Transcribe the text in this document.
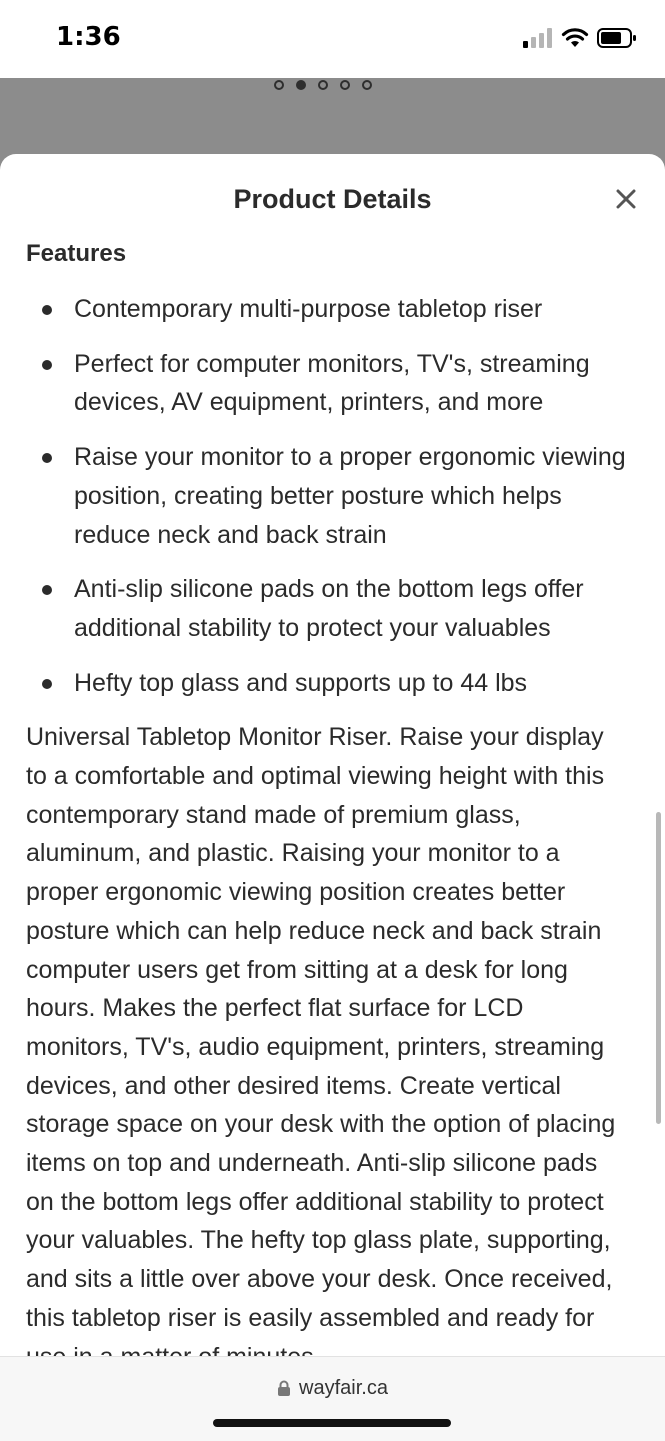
1:36
Product Details
Features
Contemporary multi-purpose tabletop riser
Perfect for computer monitors, TV's, streaming devices, AV equipment, printers, and more
Raise your monitor to a proper ergonomic viewing position, creating better posture which helps reduce neck and back strain
Anti-slip silicone pads on the bottom legs offer additional stability to protect your valuables
Hefty top glass and supports up to 44 lbs

Universal Tabletop Monitor Riser. Raise your display to a comfortable and optimal viewing height with this contemporary stand made of premium glass, aluminum, and plastic. Raising your monitor to a proper ergonomic viewing position creates better posture which can help reduce neck and back strain computer users get from sitting at a desk for long hours. Makes the perfect flat surface for LCD monitors, TV's, audio equipment, printers, streaming devices, and other desired items. Create vertical storage space on your desk with the option of placing items on top and underneath. Anti-slip silicone pads on the bottom legs offer additional stability to protect your valuables. The hefty top glass plate, supporting, and sits a little over above your desk. Once received, this tabletop riser is easily assembled and ready for

wayfair.ca
